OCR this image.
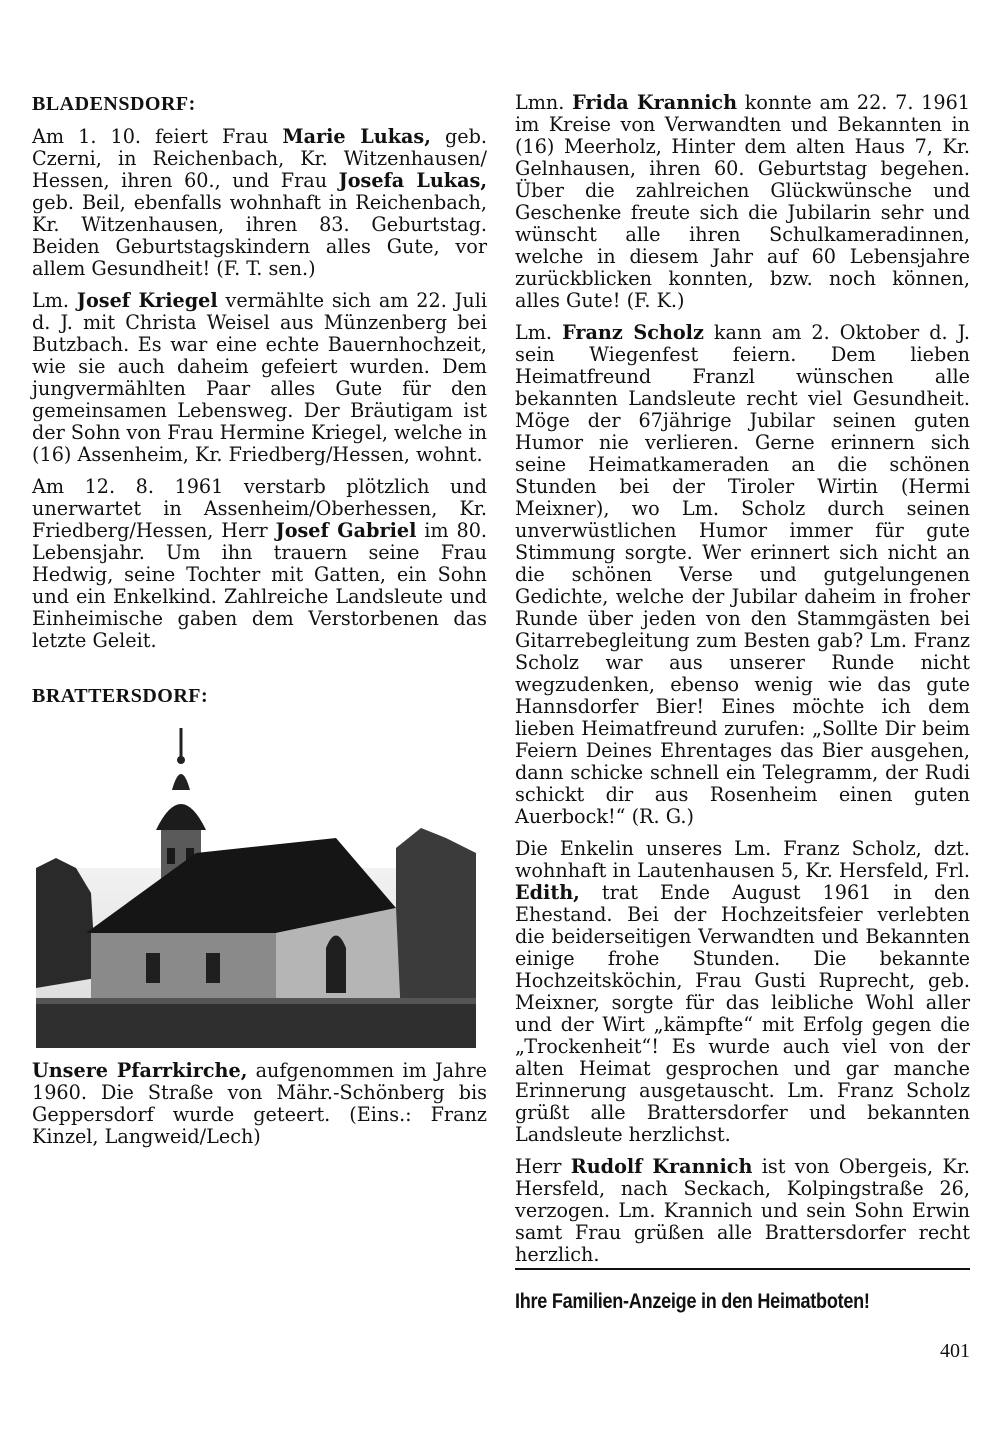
BLADENSDORF:

Am 1. 10. feiert Frau Marie Lukas, geb. Czerni, in Reichenbach, Kr. Witzenhausen/ Hessen, ihren 60., und Frau Josefa Lukas, geb. Beil, ebenfalls wohnhaft in Reichenbach, Kr. Witzenhausen, ihren 83. Geburtstag. Beiden Geburtstagskindern alles Gute, vor allem Gesundheit! (F. T. sen.)

Lm. Josef Kriegel vermählte sich am 22. Juli d. J. mit Christa Weisel aus Münzenberg bei Butzbach. Es war eine echte Bauernhochzeit, wie sie auch daheim gefeiert wurden. Dem jungvermählten Paar alles Gute für den gemeinsamen Lebensweg. Der Bräutigam ist der Sohn von Frau Hermine Kriegel, welche in (16) Assenheim, Kr. Friedberg/Hessen, wohnt.

Am 12. 8. 1961 verstarb plötzlich und unerwartet in Assenheim/Oberhessen, Kr. Friedberg/Hessen, Herr Josef Gabriel im 80. Lebensjahr. Um ihn trauern seine Frau Hedwig, seine Tochter mit Gatten, ein Sohn und ein Enkelkind. Zahlreiche Landsleute und Einheimische gaben dem Verstorbenen das letzte Geleit.

BRATTERSDORF:

Unsere Pfarrkirche, aufgenommen im Jahre 1960. Die Straße von Mähr.-Schönberg bis Geppersdorf wurde geteert. (Eins.: Franz Kinzel, Langweid/Lech)

Lmn. Frida Krannich konnte am 22. 7. 1961 im Kreise von Verwandten und Bekannten in (16) Meerholz, Hinter dem alten Haus 7, Kr. Gelnhausen, ihren 60. Geburtstag begehen. Über die zahlreichen Glückwünsche und Geschenke freute sich die Jubilarin sehr und wünscht alle ihren Schulkameradinnen, welche in diesem Jahr auf 60 Lebensjahre zurückblicken konnten, bzw. noch können, alles Gute! (F. K.)

Lm. Franz Scholz kann am 2. Oktober d. J. sein Wiegenfest feiern. Dem lieben Heimatfreund Franzl wünschen alle bekannten Landsleute recht viel Gesundheit. Möge der 67jährige Jubilar seinen guten Humor nie verlieren. Gerne erinnern sich seine Heimatkameraden an die schönen Stunden bei der Tiroler Wirtin (Hermi Meixner), wo Lm. Scholz durch seinen unverwüstlichen Humor immer für gute Stimmung sorgte. Wer erinnert sich nicht an die schönen Verse und gutgelungenen Gedichte, welche der Jubilar daheim in froher Runde über jeden von den Stammgästen bei Gitarrebegleitung zum Besten gab? Lm. Franz Scholz war aus unserer Runde nicht wegzudenken, ebenso wenig wie das gute Hannsdorfer Bier! Eines möchte ich dem lieben Heimatfreund zurufen: „Sollte Dir beim Feiern Deines Ehrentages das Bier ausgehen, dann schicke schnell ein Telegramm, der Rudi schickt dir aus Rosenheim einen guten Auerbock!“ (R. G.)

Die Enkelin unseres Lm. Franz Scholz, dzt. wohnhaft in Lautenhausen 5, Kr. Hersfeld, Frl. Edith, trat Ende August 1961 in den Ehestand. Bei der Hochzeitsfeier verlebten die beiderseitigen Verwandten und Bekannten einige frohe Stunden. Die bekannte Hochzeitsköchin, Frau Gusti Ruprecht, geb. Meixner, sorgte für das leibliche Wohl aller und der Wirt „kämpfte“ mit Erfolg gegen die „Trockenheit“! Es wurde auch viel von der alten Heimat gesprochen und gar manche Erinnerung ausgetauscht. Lm. Franz Scholz grüßt alle Brattersdorfer und bekannten Landsleute herzlichst.

Herr Rudolf Krannich ist von Obergeis, Kr. Hersfeld, nach Seckach, Kolpingstraße 26, verzogen. Lm. Krannich und sein Sohn Erwin samt Frau grüßen alle Brattersdorfer recht herzlich.

Ihre Familien-Anzeige in den Heimatboten!
401
